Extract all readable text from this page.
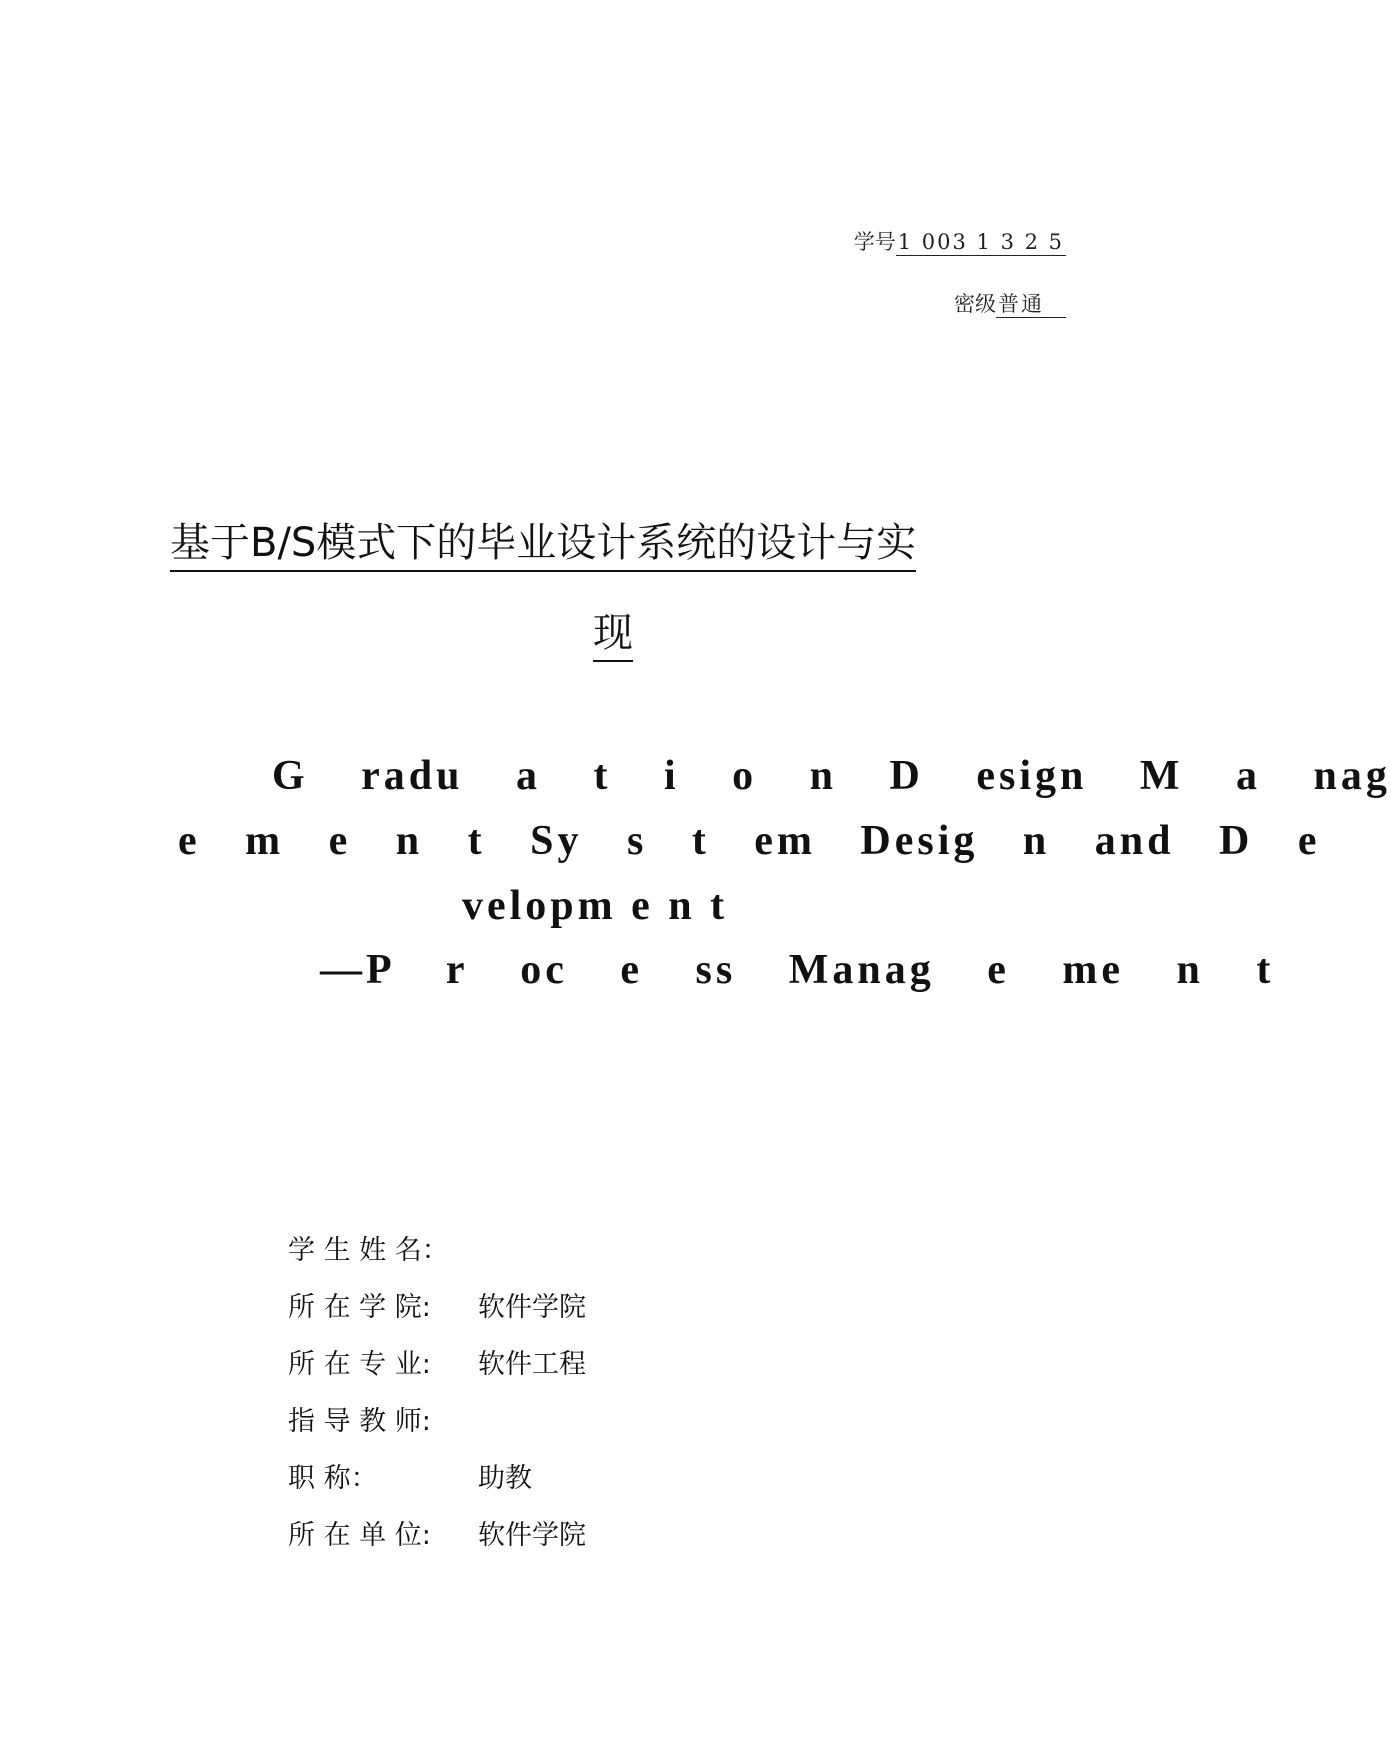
学号1 003 1 3 2 5
密级普通
基于B/S模式下的毕业设计系统的设计与实
现
G radu a t i o n D esign M a nag
e m e n t Sy s t em Desig n and D e
velopm e n t
—P r oc e ss Manag e me n t
学 生 姓 名：
所 在 学 院: 软件学院
所 在 专 业: 软件工程
指 导 教 师:
职 称：	助教
所 在 单 位: 软件学院
